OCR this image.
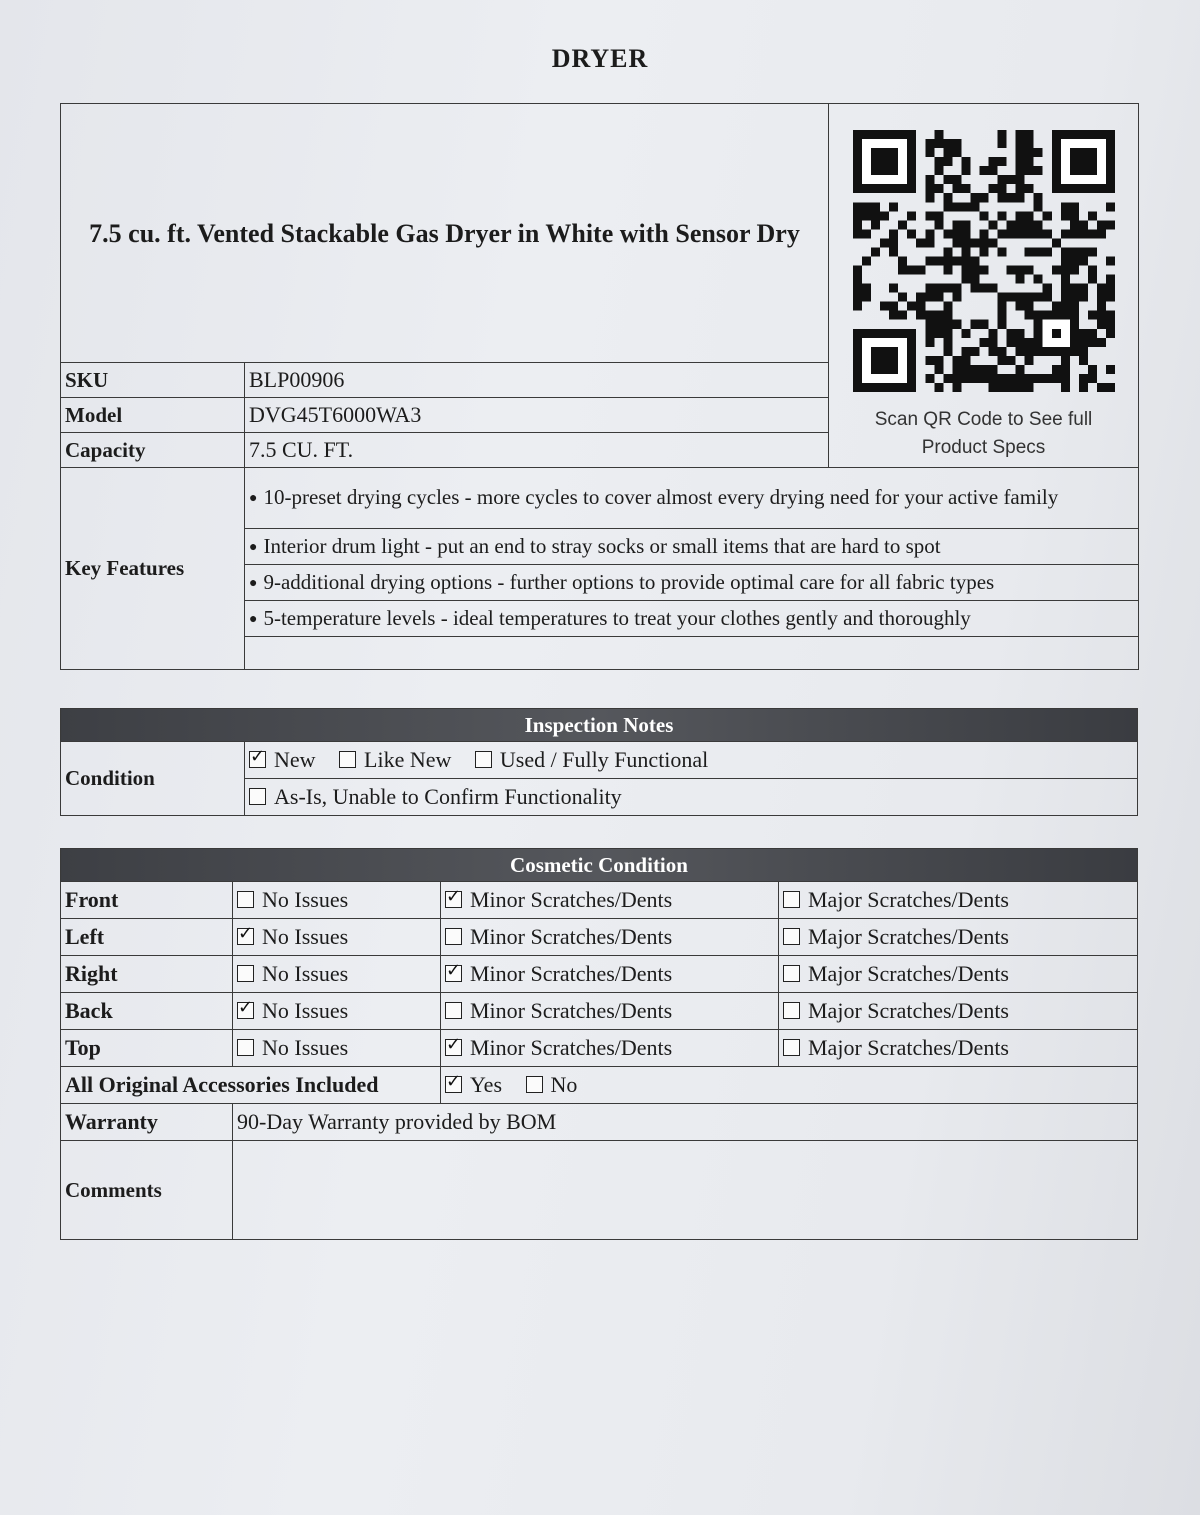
DRYER
7.5 cu. ft. Vented Stackable Gas Dryer in White with Sensor Dry		Scan QR Code to See full
Product Specs

SKU	BLP00906	
Model	DVG45T6000WA3	
Capacity	7.5 CU. FT.	
Key Features	● 10-preset drying cycles - more cycles to cover almost every drying need for your active family	
	● Interior drum light - put an end to stray socks or small items that are hard to spot	
	● 9-additional drying options - further options to provide optimal care for all fabric types	
	● 5-temperature levels - ideal temperatures to treat your clothes gently and thoroughly	

Inspection Notes
Condition	✓New Like New Used / Fully Functional
As-Is, Unable to Confirm Functionality
Cosmetic Condition			
Front	No Issues	✓Minor Scratches/Dents	Major Scratches/Dents
Left	✓No Issues	Minor Scratches/Dents	Major Scratches/Dents
Right	No Issues	✓Minor Scratches/Dents	Major Scratches/Dents
Back	✓No Issues	Minor Scratches/Dents	Major Scratches/Dents
Top	No Issues	✓Minor Scratches/Dents	Major Scratches/Dents
All Original Accessories Included	✓Yes No
Warranty	90-Day Warranty provided by BOM		
Comments			
